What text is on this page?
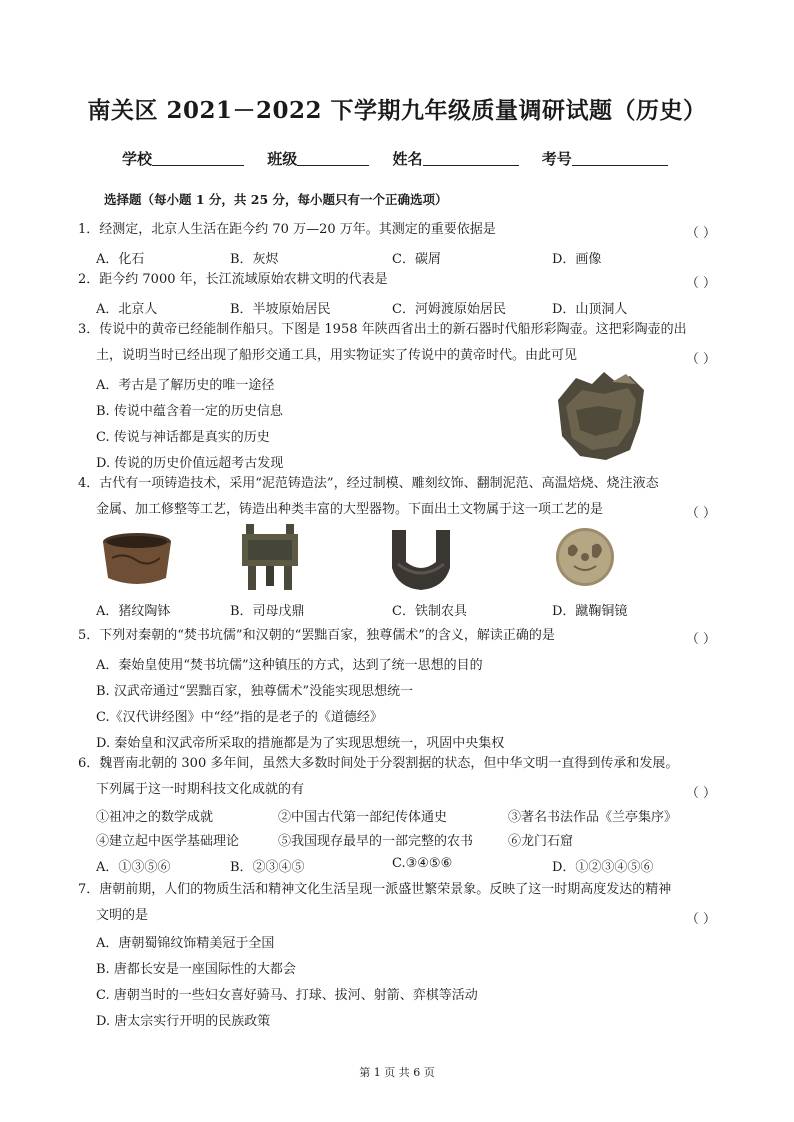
南关区 2021－2022 下学期九年级质量调研试题（历史）
学校	班级	姓名	考号
选择题（每小题 1 分，共 25 分，每小题只有一个正确选项）
1．经测定，北京人生活在距今约 70 万—20 万年。其测定的重要依据是	（ ）
A．化石	B．灰烬	C．碳屑	D．画像
2．距今约 7000 年，长江流域原始农耕文明的代表是	（ ）
A．北京人	B．半坡原始居民	C．河姆渡原始居民	D．山顶洞人
3．传说中的黄帝已经能制作船只。下图是 1958 年陕西省出土的新石器时代船形彩陶壶。这把彩陶壶的出
土，说明当时已经出现了船形交通工具，用实物证实了传说中的黄帝时代。由此可见	（ ）
A．考古是了解历史的唯一途径
B. 传说中蕴含着一定的历史信息
C. 传说与神话都是真实的历史
D. 传说的历史价值远超考古发现
4．古代有一项铸造技术，采用“泥范铸造法”，经过制模、雕刻纹饰、翻制泥范、高温焙烧、烧注液态
金属、加工修整等工艺，铸造出种类丰富的大型器物。下面出土文物属于这一项工艺的是	（ ）
A．猪纹陶钵	B．司母戊鼎	C．铁制农具	D．蹴鞠铜镜
5．下列对秦朝的“焚书坑儒”和汉朝的“罢黜百家，独尊儒术”的含义，解读正确的是	（ ）
A．秦始皇使用“焚书坑儒”这种镇压的方式，达到了统一思想的目的
B. 汉武帝通过“罢黜百家，独尊儒术”没能实现思想统一
C.《汉代讲经图》中“经”指的是老子的《道德经》
D. 秦始皇和汉武帝所采取的措施都是为了实现思想统一，巩固中央集权
6．魏晋南北朝的 300 多年间，虽然大多数时间处于分裂割据的状态，但中华文明一直得到传承和发展。
下列属于这一时期科技文化成就的有	（ ）
①祖冲之的数学成就	②中国古代第一部纪传体通史	③著名书法作品《兰亭集序》
④建立起中医学基础理论	⑤我国现存最早的一部完整的农书	⑥龙门石窟
A．①③⑤⑥	B．②③④⑤	C.③④⑤⑥	D．①②③④⑤⑥
7．唐朝前期，人们的物质生活和精神文化生活呈现一派盛世繁荣景象。反映了这一时期高度发达的精神
文明的是	（ ）
A．唐朝蜀锦纹饰精美冠于全国
B. 唐都长安是一座国际性的大都会
C. 唐朝当时的一些妇女喜好骑马、打球、拔河、射箭、弈棋等活动
D. 唐太宗实行开明的民族政策
第 1 页 共 6 页
